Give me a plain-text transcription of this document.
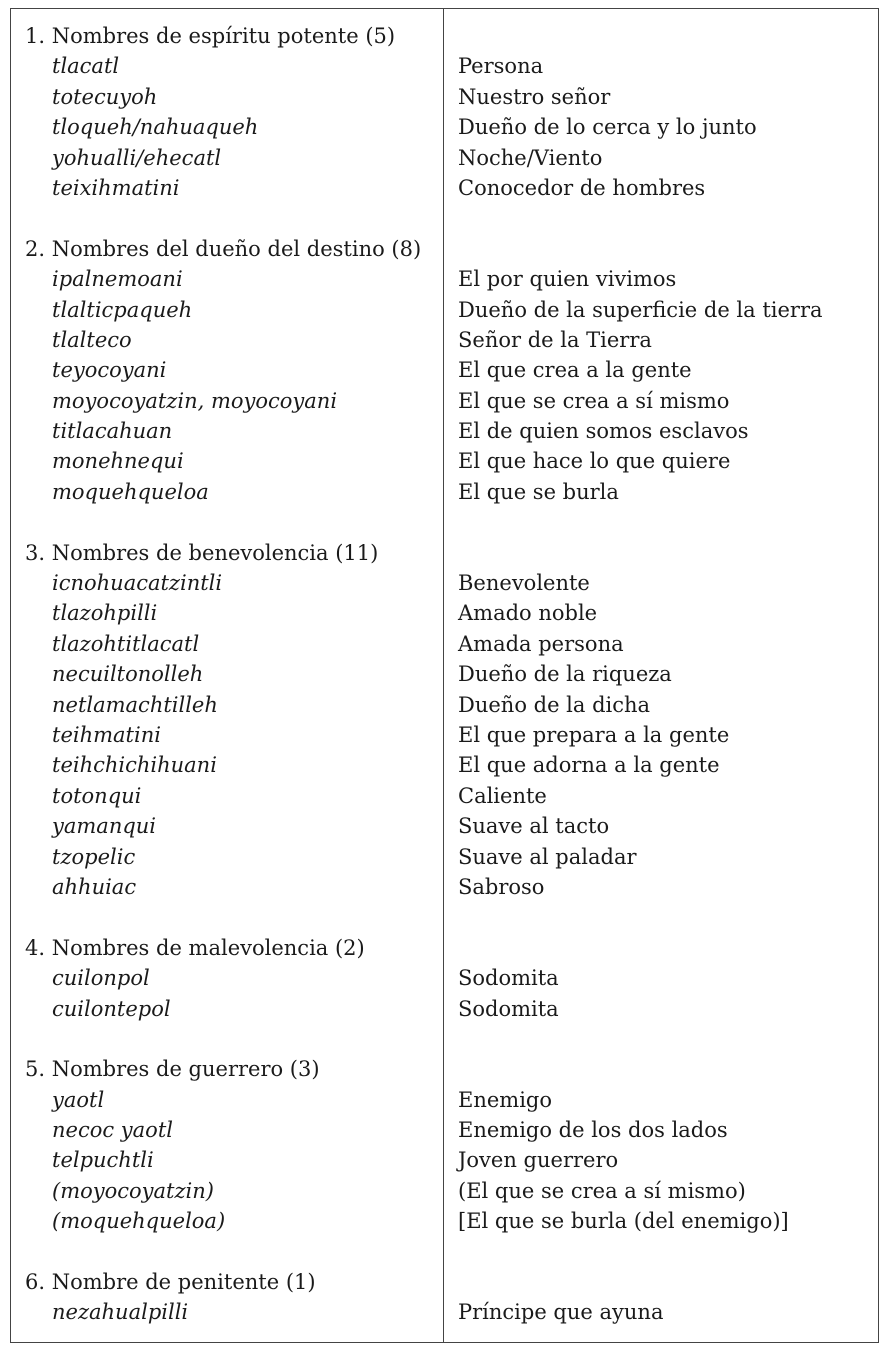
1. Nombres de espíritu potente (5)
tlacatl	Persona
totecuyoh	Nuestro señor
tloqueh/nahuaqueh	Dueño de lo cerca y lo junto
yohualli/ehecatl	Noche/Viento
teixihmatini	Conocedor de hombres
2. Nombres del dueño del destino (8)
ipalnemoani	El por quien vivimos
tlalticpaqueh	Dueño de la superficie de la tierra
tlalteco	Señor de la Tierra
teyocoyani	El que crea a la gente
moyocoyatzin, moyocoyani	El que se crea a sí mismo
titlacahuan	El de quien somos esclavos
monehnequi	El que hace lo que quiere
moquehqueloa	El que se burla
3. Nombres de benevolencia (11)
icnohuacatzintli	Benevolente
tlazohpilli	Amado noble
tlazohtitlacatl	Amada persona
necuiltonolleh	Dueño de la riqueza
netlamachtilleh	Dueño de la dicha
teihmatini	El que prepara a la gente
teihchichihuani	El que adorna a la gente
totonqui	Caliente
yamanqui	Suave al tacto
tzopelic	Suave al paladar
ahhuiac	Sabroso
4. Nombres de malevolencia (2)
cuilonpol	Sodomita
cuilontepol	Sodomita
5. Nombres de guerrero (3)
yaotl	Enemigo
necoc yaotl	Enemigo de los dos lados
telpuchtli	Joven guerrero
(moyocoyatzin)	(El que se crea a sí mismo)
(moquehqueloa)	[El que se burla (del enemigo)]
6. Nombre de penitente (1)
nezahualpilli	Príncipe que ayuna
